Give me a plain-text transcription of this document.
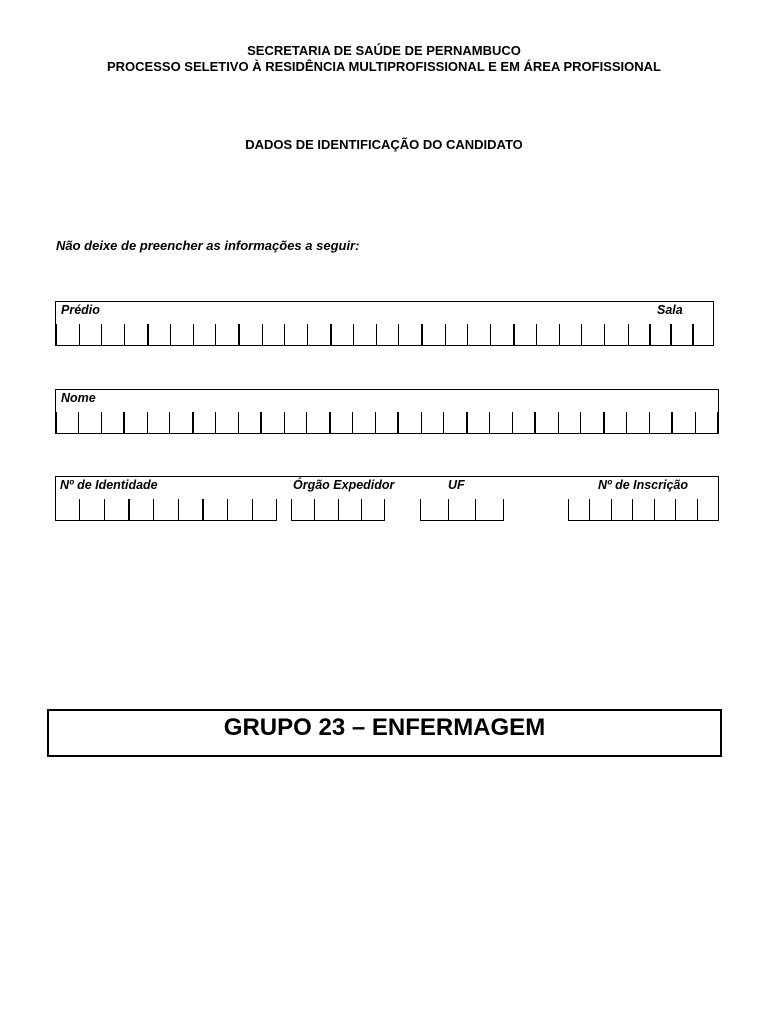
SECRETARIA DE SAÚDE DE PERNAMBUCO
PROCESSO SELETIVO À RESIDÊNCIA MULTIPROFISSIONAL E EM ÁREA PROFISSIONAL
DADOS DE IDENTIFICAÇÃO DO CANDIDATO
Não deixe de preencher as informações a seguir:
Prédio	Sala
Nome
Nº de Identidade	Órgão Expedidor	UF	Nº de Inscrição
GRUPO 23 – ENFERMAGEM
